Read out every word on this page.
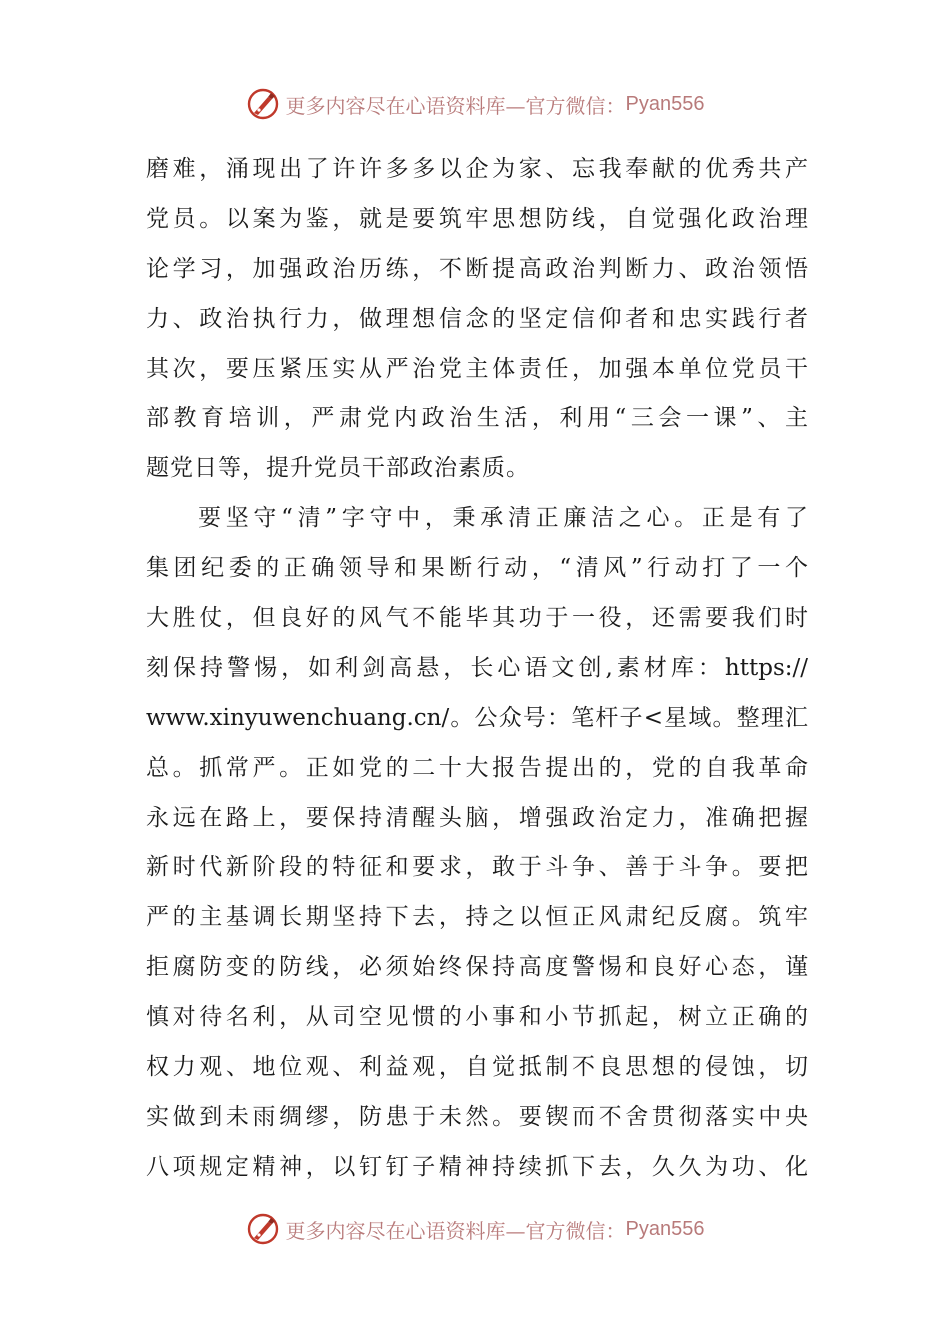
更多内容尽在心语资料库—官方微信： Pyan556
磨难，涌现出了许许多多以企为家、忘我奉献的优秀共产
党员。以案为鉴，就是要筑牢思想防线，自觉强化政治理
论学习，加强政治历练，不断提高政治判断力、政治领悟
力、政治执行力，做理想信念的坚定信仰者和忠实践行者
其次，要压紧压实从严治党主体责任，加强本单位党员干
部教育培训，严肃党内政治生活，利用“三会一课”、主
题党日等，提升党员干部政治素质。
要坚守“清”字守中，秉承清正廉洁之心。正是有了
集团纪委的正确领导和果断行动，“清风”行动打了一个
大胜仗，但良好的风气不能毕其功于一役，还需要我们时
刻保持警惕，如利剑高悬，长心语文创,素材库：https://
www.xinyuwenchuang.cn/。公众号：笔杆子<星域。整理汇
总。抓常严。正如党的二十大报告提出的，党的自我革命
永远在路上，要保持清醒头脑，增强政治定力，准确把握
新时代新阶段的特征和要求，敢于斗争、善于斗争。要把
严的主基调长期坚持下去，持之以恒正风肃纪反腐。筑牢
拒腐防变的防线，必须始终保持高度警惕和良好心态，谨
慎对待名利，从司空见惯的小事和小节抓起，树立正确的
权力观、地位观、利益观，自觉抵制不良思想的侵蚀，切
实做到未雨绸缪，防患于未然。要锲而不舍贯彻落实中央
八项规定精神，以钉钉子精神持续抓下去，久久为功、化
更多内容尽在心语资料库—官方微信： Pyan556
